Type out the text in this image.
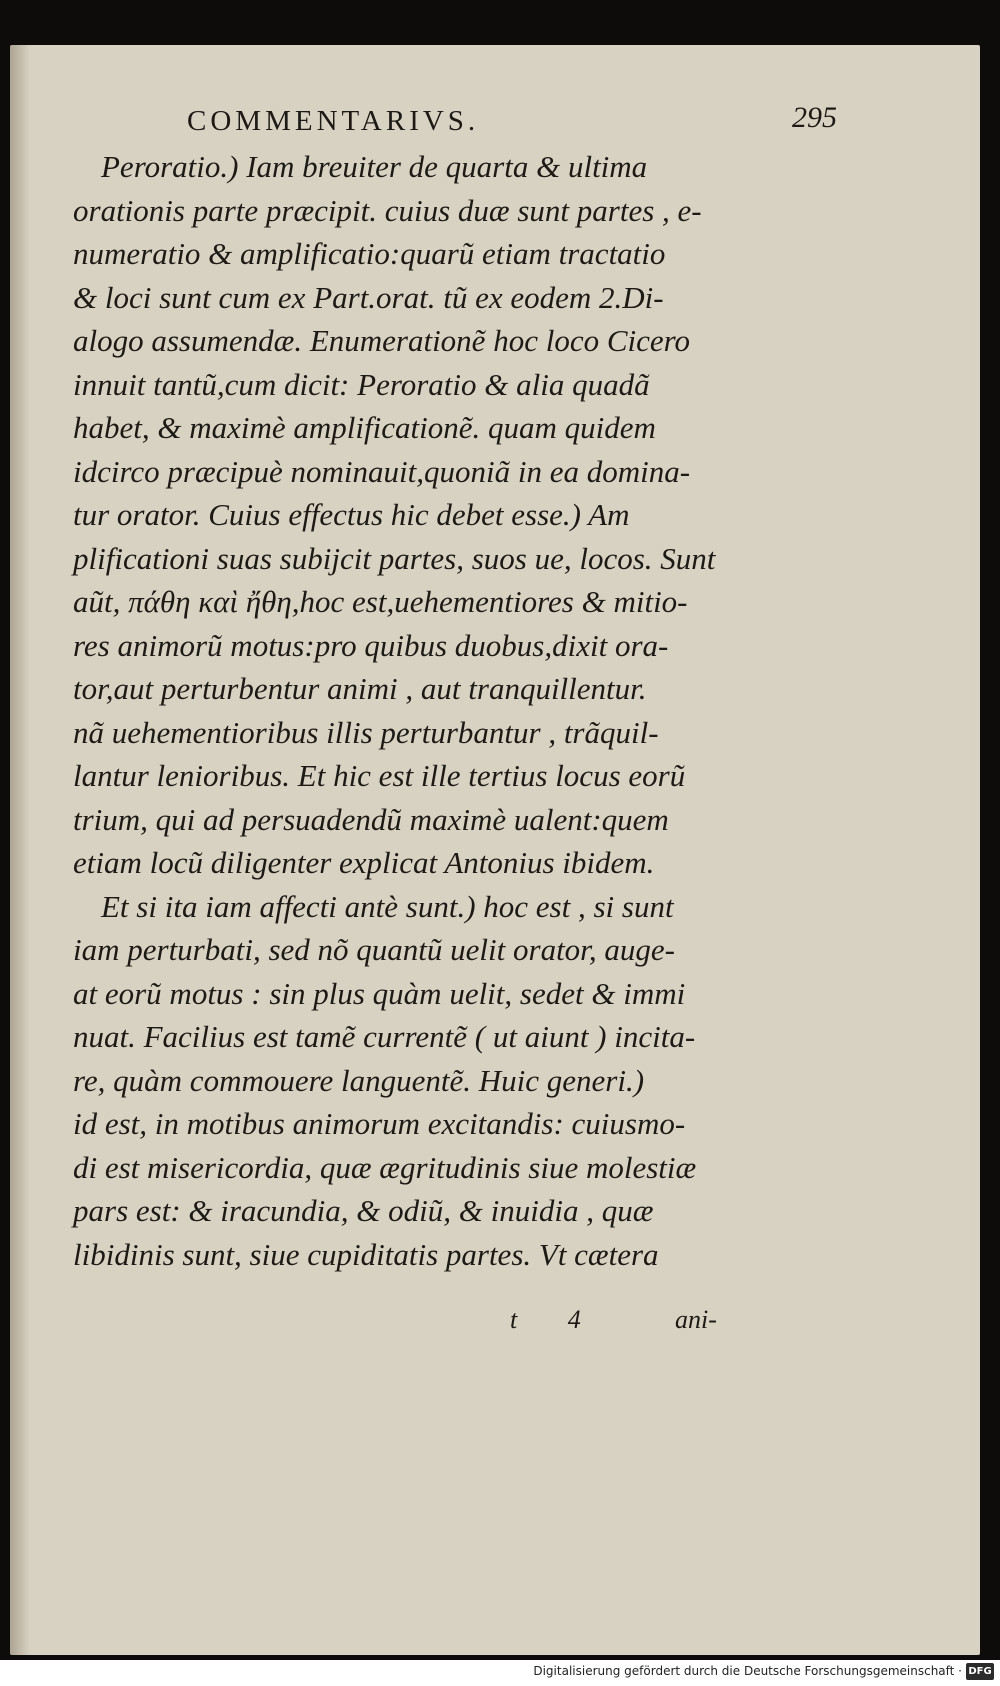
COMMENTARIVS.	295
Peroratio.) Iam breuiter de quarta & ultima
orationis parte præcipit. cuius duæ sunt partes , e-
numeratio & amplificatio:quarũ etiam tractatio
& loci sunt cum ex Part.orat. tũ ex eodem 2.Di-
alogo assumendæ. Enumerationẽ hoc loco Cicero
innuit tantũ,cum dicit: Peroratio & alia quadã
habet, & maximè amplificationẽ. quam quidem
idcirco præcipuè nominauit,quoniã in ea domina-
tur orator. Cuius effectus hic debet esse.) Am
plificationi suas subijcit partes, suos ue, locos. Sunt
aũt, πάθη καὶ ἤθη,hoc est,uehementiores & mitio-
res animorũ motus:pro quibus duobus,dixit ora-
tor,aut perturbentur animi , aut tranquillentur.
nã uehementioribus illis perturbantur , trãquil-
lantur lenioribus. Et hic est ille tertius locus eorũ
trium, qui ad persuadendũ maximè ualent:quem
etiam locũ diligenter explicat Antonius ibidem.
Et si ita iam affecti antè sunt.) hoc est , si sunt
iam perturbati, sed nõ quantũ uelit orator, auge-
at eorũ motus : sin plus quàm uelit, sedet & immi
nuat. Facilius est tamẽ currentẽ ( ut aiunt ) incita-
re, quàm commouere languentẽ. Huic generi.)
id est, in motibus animorum excitandis: cuiusmo-
di est misericordia, quæ ægritudinis siue molestiæ
pars est: & iracundia, & odiũ, & inuidia , quæ
libidinis sunt, siue cupiditatis partes. Vt cætera
t 4	ani-
Digitalisierung gefördert durch die Deutsche Forschungsgemeinschaft · DFG
